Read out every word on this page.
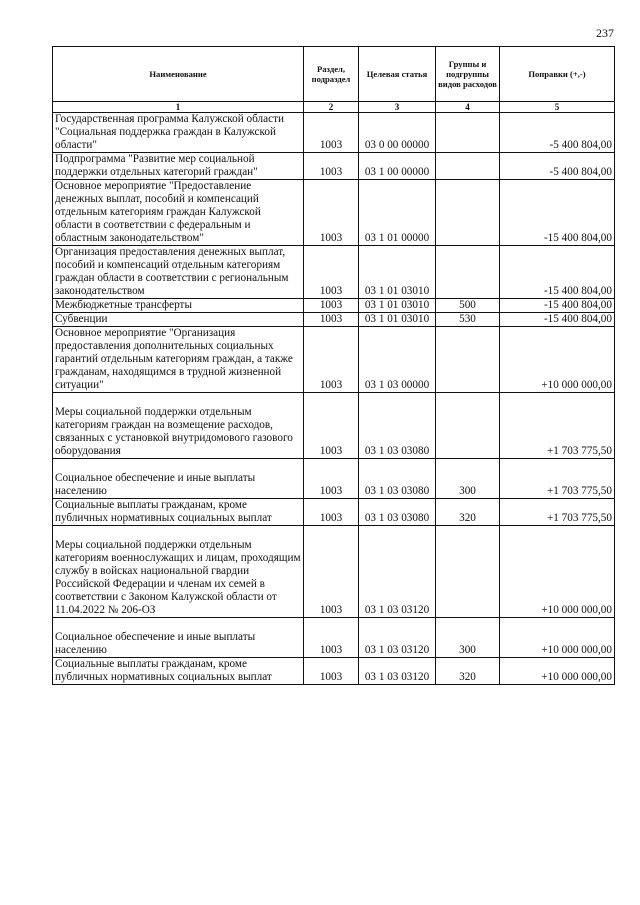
237
Наименование	Раздел, подраздел	Целевая статья	Группы и подгруппы видов расходов	Поправки (+,-)
1	2	3	4	5
Государственная программа Калужской области "Социальная поддержка граждан в Калужской области"	1003	03 0 00 00000		-5 400 804,00
Подпрограмма "Развитие мер социальной поддержки отдельных категорий граждан"	1003	03 1 00 00000		-5 400 804,00
Основное мероприятие "Предоставление денежных выплат, пособий и компенсаций отдельным категориям граждан Калужской области в соответствии с федеральным и областным законодательством"	1003	03 1 01 00000		-15 400 804,00
Организация предоставления денежных выплат, пособий и компенсаций отдельным категориям граждан области в соответствии с региональным законодательством	1003	03 1 01 03010		-15 400 804,00
Межбюджетные трансферты	1003	03 1 01 03010	500	-15 400 804,00
Субвенции	1003	03 1 01 03010	530	-15 400 804,00
Основное мероприятие "Организация предоставления дополнительных социальных гарантий отдельным категориям граждан, а также гражданам, находящимся в трудной жизненной ситуации"	1003	03 1 03 00000		+10 000 000,00

Меры социальной поддержки отдельным категориям граждан на возмещение расходов, связанных с установкой внутридомового газового оборудования	1003	03 1 03 03080		+1 703 775,50

Социальное обеспечение и иные выплаты населению	1003	03 1 03 03080	300	+1 703 775,50
Социальные выплаты гражданам, кроме публичных нормативных социальных выплат	1003	03 1 03 03080	320	+1 703 775,50

Меры социальной поддержки отдельным категориям военнослужащих и лицам, проходящим службу в войсках национальной гвардии Российской Федерации и членам их семей в соответствии с Законом Калужской области от 11.04.2022 № 206-ОЗ	1003	03 1 03 03120		+10 000 000,00

Социальное обеспечение и иные выплаты населению	1003	03 1 03 03120	300	+10 000 000,00
Социальные выплаты гражданам, кроме публичных нормативных социальных выплат	1003	03 1 03 03120	320	+10 000 000,00
